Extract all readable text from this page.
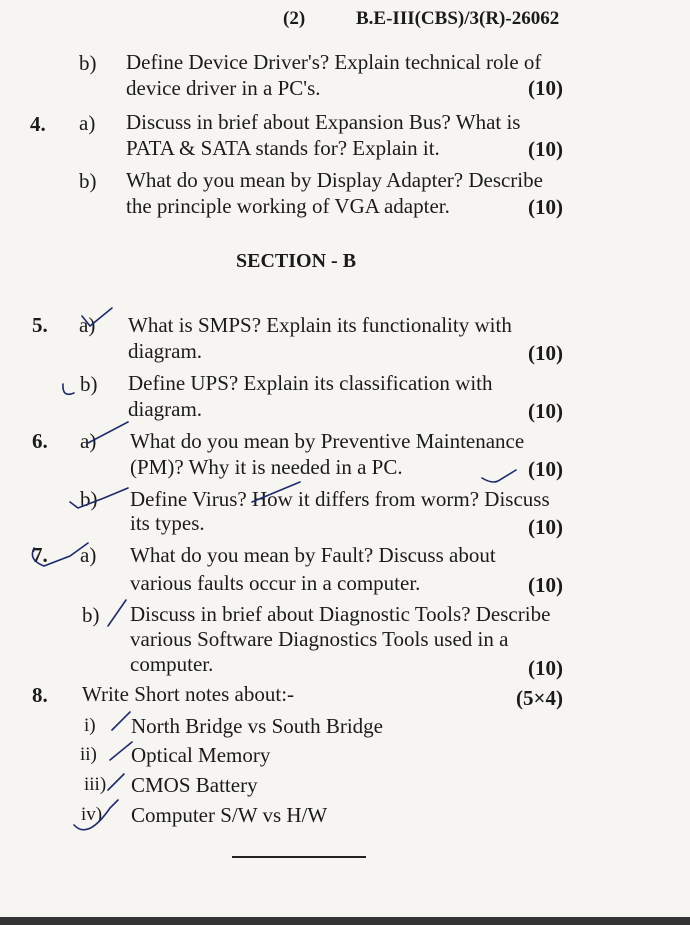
(2)	B.E-III(CBS)/3(R)-26062
b) Define Device Driver's? Explain technical role of
device driver in a PC's.	(10)
4. a) Discuss in brief about Expansion Bus? What is
PATA & SATA stands for? Explain it.	(10)
b) What do you mean by Display Adapter? Describe
the principle working of VGA adapter.	(10)
SECTION - B
5. a) What is SMPS? Explain its functionality with
diagram.	(10)
b) Define UPS? Explain its classification with
diagram.	(10)
6. a) What do you mean by Preventive Maintenance
(PM)? Why it is needed in a PC.	(10)
b) Define Virus? How it differs from worm? Discuss
its types.	(10)
7. a) What do you mean by Fault? Discuss about
various faults occur in a computer.	(10)
b) Discuss in brief about Diagnostic Tools? Describe
various Software Diagnostics Tools used in a
computer.	(10)
8. Write Short notes about:-	(5×4)
i) North Bridge vs South Bridge
ii) Optical Memory
iii) CMOS Battery
iv) Computer S/W vs H/W
